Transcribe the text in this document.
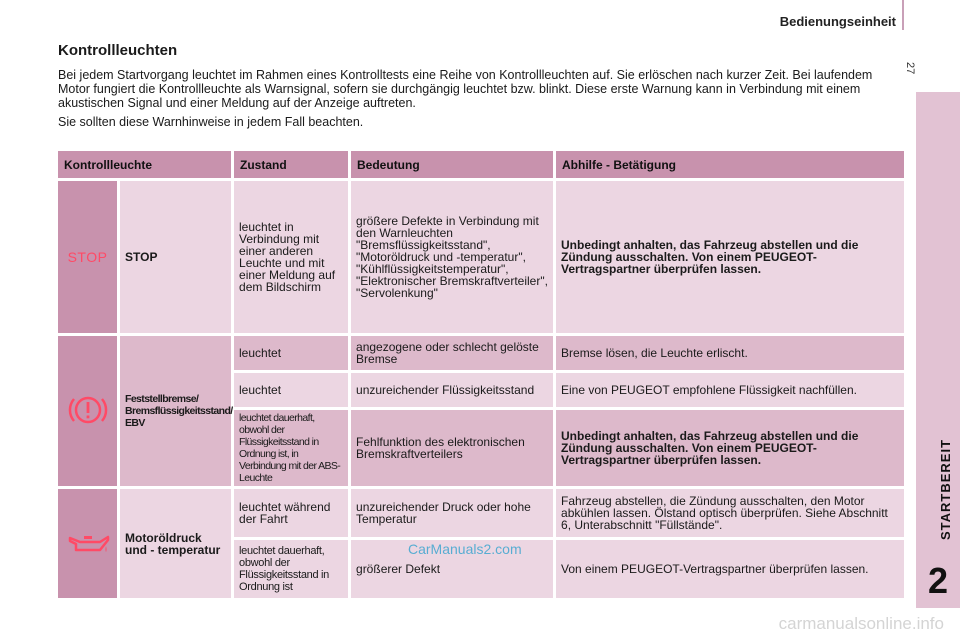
Bedienungseinheit
27
STARTBEREIT
2
Kontrollleuchten

Bei jedem Startvorgang leuchtet im Rahmen eines Kontrolltests eine Reihe von Kontrollleuchten auf. Sie erlöschen nach kurzer Zeit. Bei laufendem Motor fungiert die Kontrollleuchte als Warnsignal, sofern sie durchgängig leuchtet bzw. blinkt. Diese erste Warnung kann in Verbindung mit einem akustischen Signal und einer Meldung auf der Anzeige auftreten.

Sie sollten diese Warnhinweise in jedem Fall beachten.

Kontrollleuchte		Zustand	Bedeutung	Abhilfe - Betätigung
STOP	STOP	leuchtet in Verbindung mit einer anderen Leuchte und mit einer Meldung auf dem Bildschirm	größere Defekte in Verbindung mit den Warnleuchten "Bremsflüssigkeitsstand", "Motoröldruck und -temperatur", "Kühlflüssigkeitstemperatur", "Elektronischer Bremskraftverteiler", "Servolenkung"	Unbedingt anhalten, das Fahrzeug abstellen und die Zündung ausschalten. Von einem PEUGEOT-Vertragspartner überprüfen lassen.
	Feststellbremse/ Bremsflüssigkeitsstand/ EBV	leuchtet	angezogene oder schlecht gelöste Bremse	Bremse lösen, die Leuchte erlischt.
		leuchtet	unzureichender Flüssigkeitsstand	Eine von PEUGEOT empfohlene Flüssigkeit nachfüllen.
		leuchtet dauerhaft, obwohl der Flüssigkeitsstand in Ordnung ist, in Verbindung mit der ABS-Leuchte	Fehlfunktion des elektronischen Bremskraftverteilers	Unbedingt anhalten, das Fahrzeug abstellen und die Zündung ausschalten. Von einem PEUGEOT-Vertragspartner überprüfen lassen.
	Motoröldruck und - temperatur	leuchtet während der Fahrt	unzureichender Druck oder hohe Temperatur	Fahrzeug abstellen, die Zündung ausschalten, den Motor abkühlen lassen. Ölstand optisch überprüfen. Siehe Abschnitt 6, Unterabschnitt "Füllstände".
		leuchtet dauerhaft, obwohl der Flüssigkeitsstand in Ordnung ist	größerer Defekt	Von einem PEUGEOT-Vertragspartner überprüfen lassen.
CarManuals2.com
carmanualsonline.info
